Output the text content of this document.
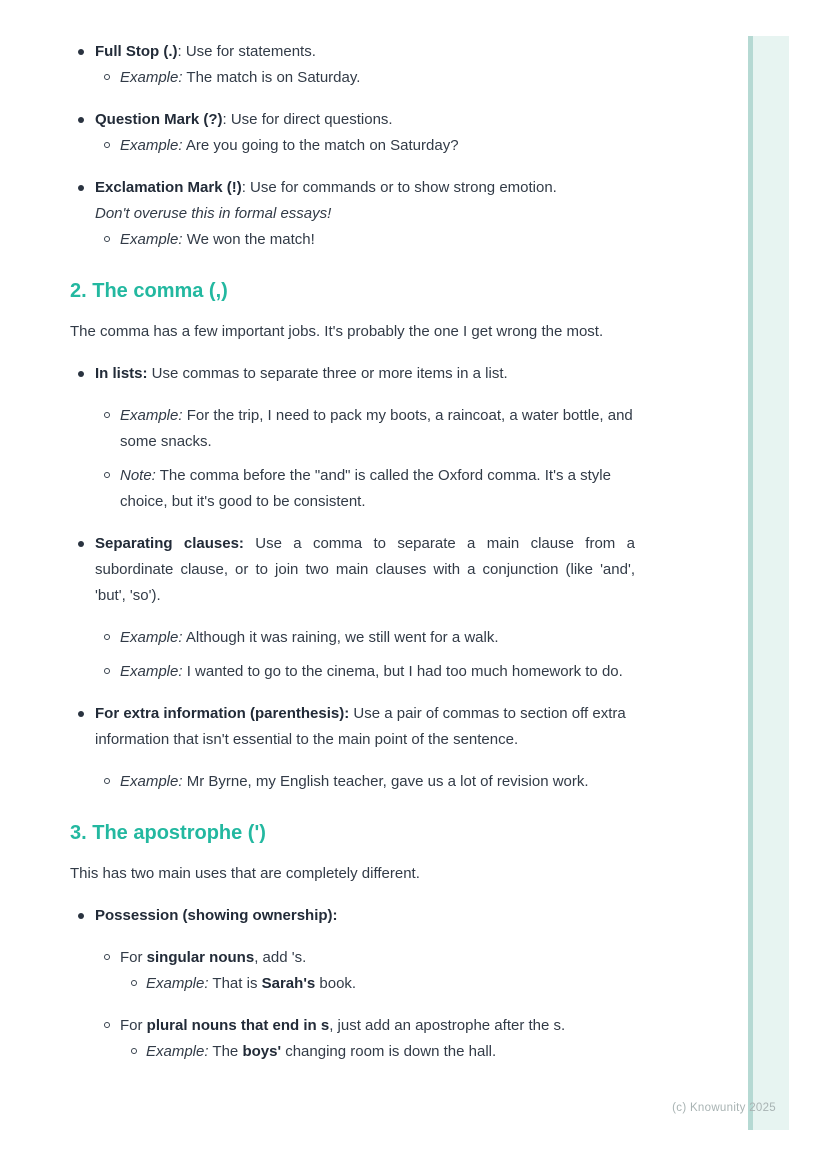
(c) Knowunity 2025
Full Stop (.): Use for statements.
Example: The match is on Saturday.
Question Mark (?): Use for direct questions.
Example: Are you going to the match on Saturday?
Exclamation Mark (!): Use for commands or to show strong emotion.
Don't overuse this in formal essays!
Example: We won the match!
2. The comma (,)
The comma has a few important jobs. It's probably the one I get wrong the most.
In lists: Use commas to separate three or more items in a list.
Example: For the trip, I need to pack my boots, a raincoat, a water bottle, and some snacks.
Note: The comma before the "and" is called the Oxford comma. It's a style choice, but it's good to be consistent.
Separating clauses: Use a comma to separate a main clause from a subordinate clause, or to join two main clauses with a conjunction (like 'and', 'but', 'so').
Example: Although it was raining, we still went for a walk.
Example: I wanted to go to the cinema, but I had too much homework to do.
For extra information (parenthesis): Use a pair of commas to section off extra information that isn't essential to the main point of the sentence.
Example: Mr Byrne, my English teacher, gave us a lot of revision work.
3. The apostrophe (')
This has two main uses that are completely different.
Possession (showing ownership):
For singular nouns, add 's.
Example: That is Sarah's book.
For plural nouns that end in s, just add an apostrophe after the s.
Example: The boys' changing room is down the hall.
